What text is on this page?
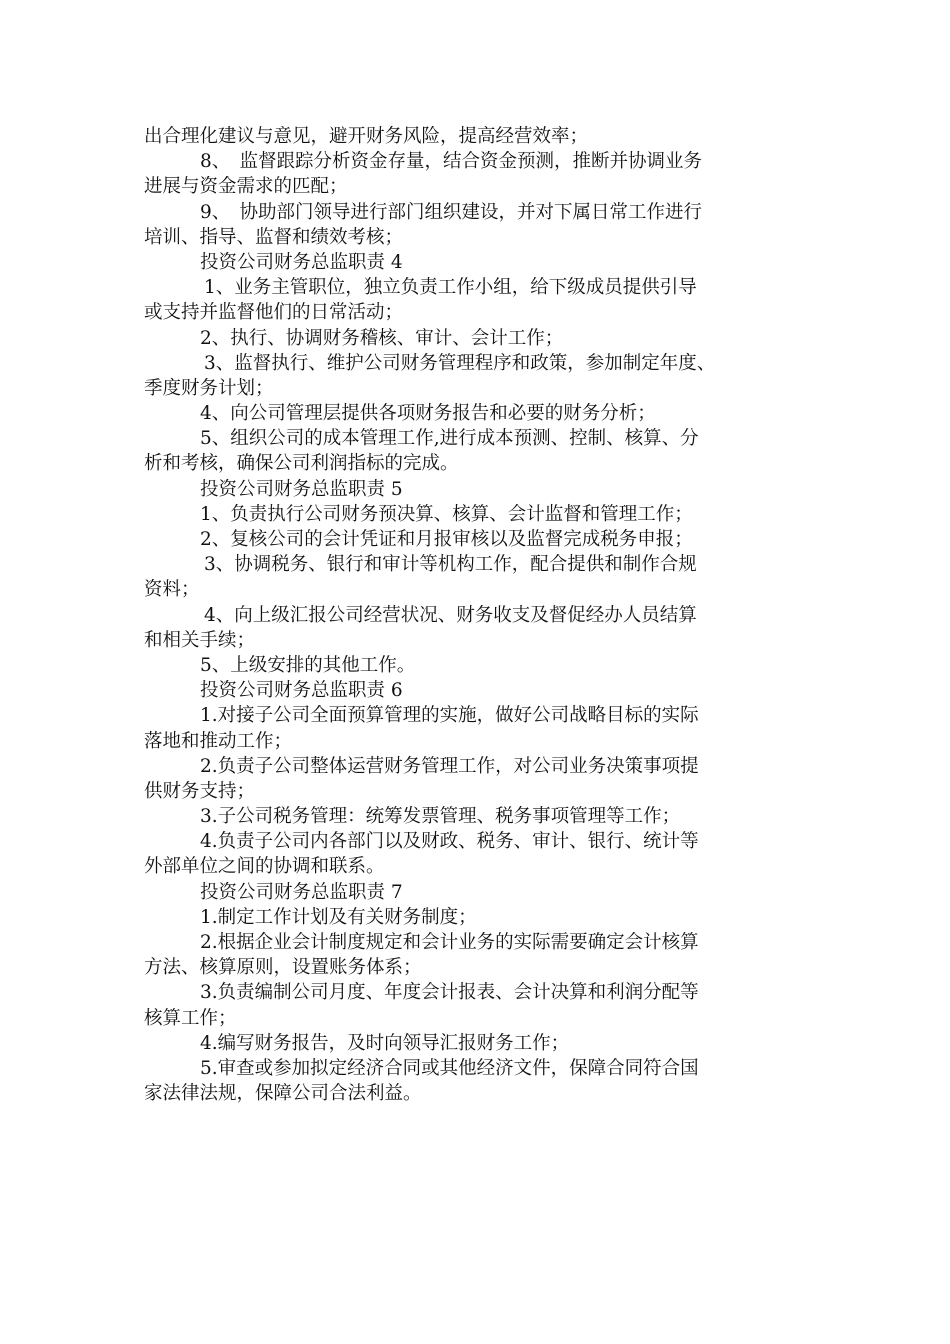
出合理化建议与意见，避开财务风险，提高经营效率；
8、　监督跟踪分析资金存量，结合资金预测，推断并协调业务
进展与资金需求的匹配；
9、　协助部门领导进行部门组织建设，并对下属日常工作进行
培训、指导、监督和绩效考核；
投资公司财务总监职责 4
1、业务主管职位，独立负责工作小组，给下级成员提供引导
或支持并监督他们的日常活动；
2、执行、协调财务稽核、审计、会计工作；
3、监督执行、维护公司财务管理程序和政策，参加制定年度、
季度财务计划；
4、向公司管理层提供各项财务报告和必要的财务分析；
5、组织公司的成本管理工作,进行成本预测、控制、核算、分
析和考核，确保公司利润指标的完成。
投资公司财务总监职责 5
1、负责执行公司财务预决算、核算、会计监督和管理工作；
2、复核公司的会计凭证和月报审核以及监督完成税务申报；
3、协调税务、银行和审计等机构工作，配合提供和制作合规
资料；
4、向上级汇报公司经营状况、财务收支及督促经办人员结算
和相关手续；
5、上级安排的其他工作。
投资公司财务总监职责 6
1.对接子公司全面预算管理的实施，做好公司战略目标的实际
落地和推动工作；
2.负责子公司整体运营财务管理工作，对公司业务决策事项提
供财务支持；
3.子公司税务管理：统筹发票管理、税务事项管理等工作；
4.负责子公司内各部门以及财政、税务、审计、银行、统计等
外部单位之间的协调和联系。
投资公司财务总监职责 7
1.制定工作计划及有关财务制度；
2.根据企业会计制度规定和会计业务的实际需要确定会计核算
方法、核算原则，设置账务体系；
3.负责编制公司月度、年度会计报表、会计决算和利润分配等
核算工作；
4.编写财务报告，及时向领导汇报财务工作；
5.审查或参加拟定经济合同或其他经济文件，保障合同符合国
家法律法规，保障公司合法利益。
